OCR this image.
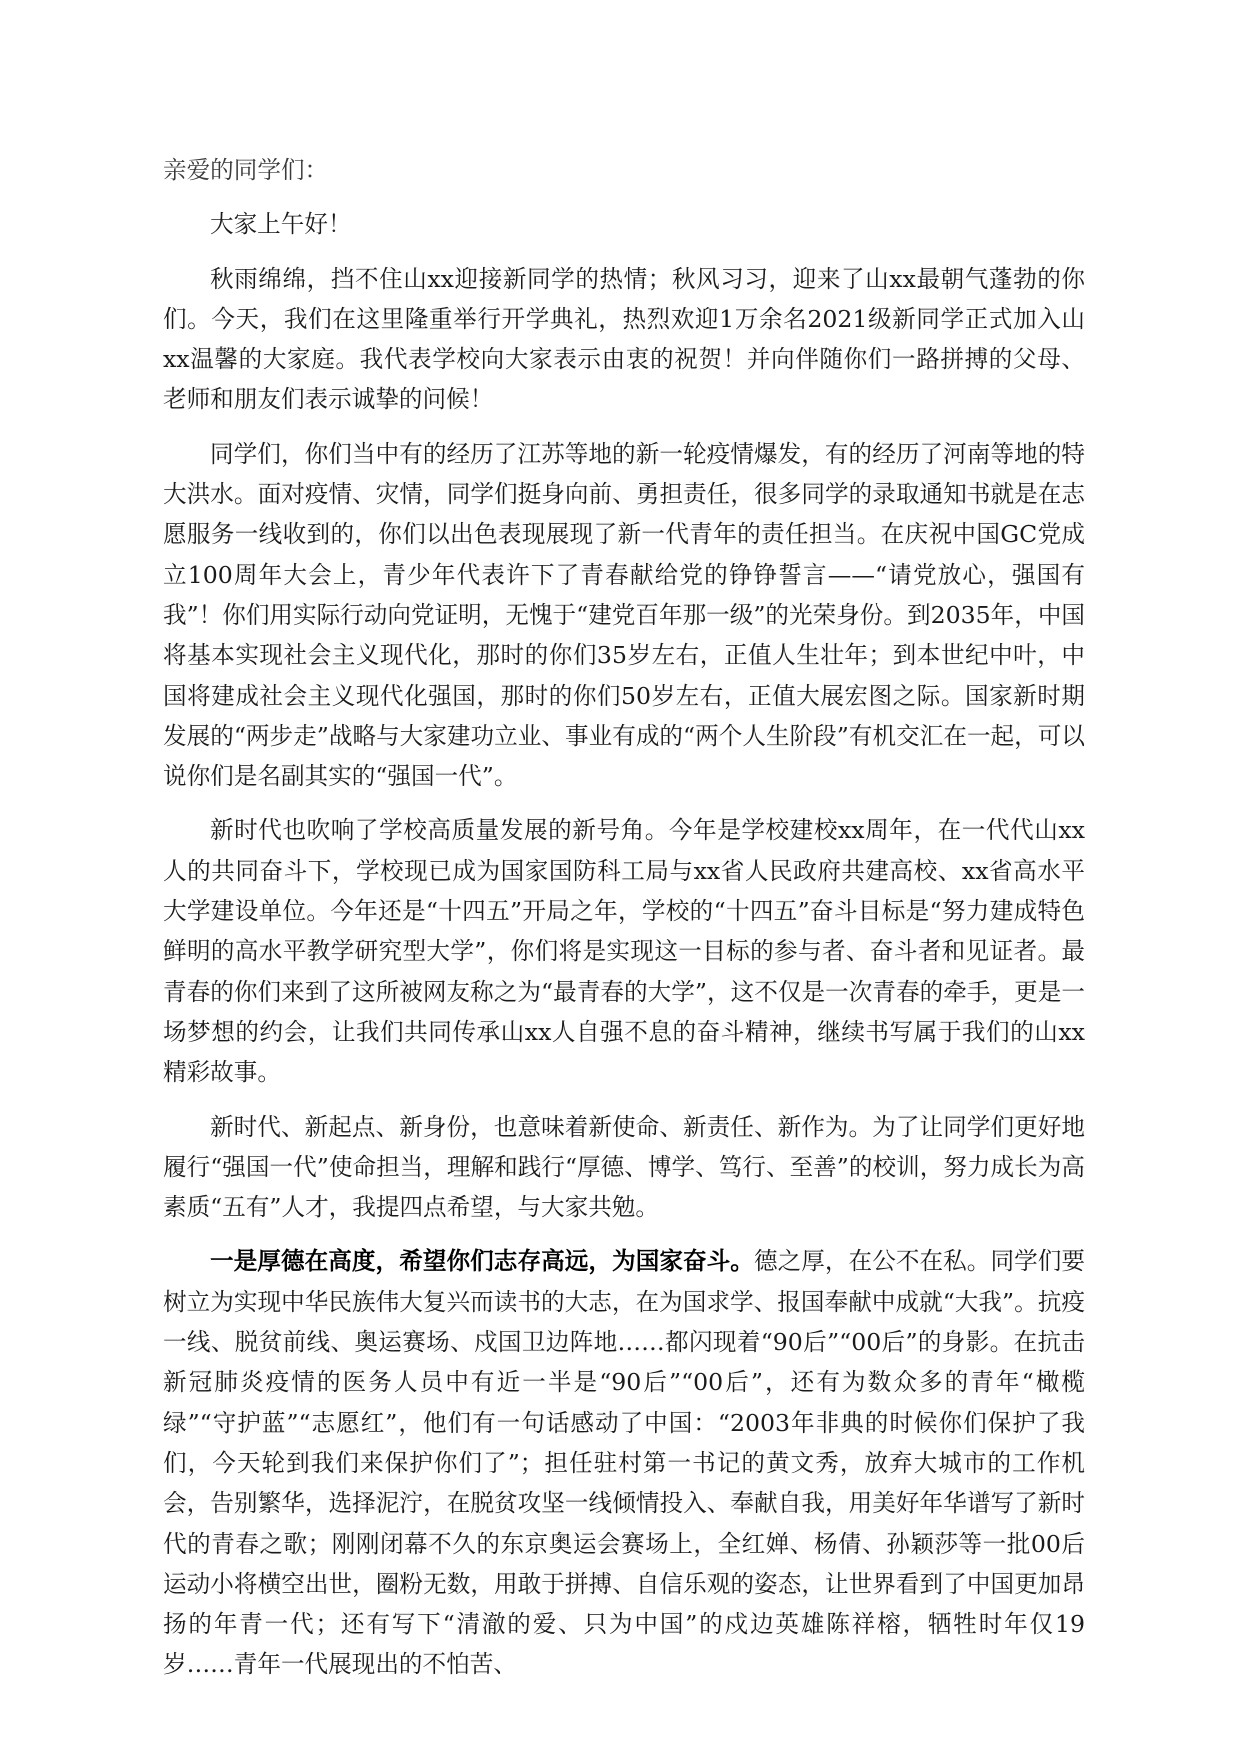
亲爱的同学们：

大家上午好！

秋雨绵绵，挡不住山xx迎接新同学的热情；秋风习习，迎来了山xx最朝气蓬勃的你们。今天，我们在这里隆重举行开学典礼，热烈欢迎1万余名2021级新同学正式加入山xx温馨的大家庭。我代表学校向大家表示由衷的祝贺！并向伴随你们一路拼搏的父母、老师和朋友们表示诚挚的问候！

同学们，你们当中有的经历了江苏等地的新一轮疫情爆发，有的经历了河南等地的特大洪水。面对疫情、灾情，同学们挺身向前、勇担责任，很多同学的录取通知书就是在志愿服务一线收到的，你们以出色表现展现了新一代青年的责任担当。在庆祝中国GC党成立100周年大会上，青少年代表许下了青春献给党的铮铮誓言——“请党放心，强国有我”！你们用实际行动向党证明，无愧于“建党百年那一级”的光荣身份。到2035年，中国将基本实现社会主义现代化，那时的你们35岁左右，正值人生壮年；到本世纪中叶，中国将建成社会主义现代化强国，那时的你们50岁左右，正值大展宏图之际。国家新时期发展的“两步走”战略与大家建功立业、事业有成的“两个人生阶段”有机交汇在一起，可以说你们是名副其实的“强国一代”。

新时代也吹响了学校高质量发展的新号角。今年是学校建校xx周年，在一代代山xx人的共同奋斗下，学校现已成为国家国防科工局与xx省人民政府共建高校、xx省高水平大学建设单位。今年还是“十四五”开局之年，学校的“十四五”奋斗目标是“努力建成特色鲜明的高水平教学研究型大学”，你们将是实现这一目标的参与者、奋斗者和见证者。最青春的你们来到了这所被网友称之为“最青春的大学”，这不仅是一次青春的牵手，更是一场梦想的约会，让我们共同传承山xx人自强不息的奋斗精神，继续书写属于我们的山xx精彩故事。

新时代、新起点、新身份，也意味着新使命、新责任、新作为。为了让同学们更好地履行“强国一代”使命担当，理解和践行“厚德、博学、笃行、至善”的校训，努力成长为高素质“五有”人才，我提四点希望，与大家共勉。

一是厚德在高度，希望你们志存高远，为国家奋斗。德之厚，在公不在私。同学们要树立为实现中华民族伟大复兴而读书的大志，在为国求学、报国奉献中成就“大我”。抗疫一线、脱贫前线、奥运赛场、戍国卫边阵地……都闪现着“90后”“00后”的身影。在抗击新冠肺炎疫情的医务人员中有近一半是“90后”“00后”，还有为数众多的青年“橄榄绿”“守护蓝”“志愿红”，他们有一句话感动了中国：“2003年非典的时候你们保护了我们，今天轮到我们来保护你们了”；担任驻村第一书记的黄文秀，放弃大城市的工作机会，告别繁华，选择泥泞，在脱贫攻坚一线倾情投入、奉献自我，用美好年华谱写了新时代的青春之歌；刚刚闭幕不久的东京奥运会赛场上，全红婵、杨倩、孙颖莎等一批00后运动小将横空出世，圈粉无数，用敢于拼搏、自信乐观的姿态，让世界看到了中国更加昂扬的年青一代；还有写下“清澈的爱、只为中国”的戍边英雄陈祥榕，牺牲时年仅19岁……青年一代展现出的不怕苦、
